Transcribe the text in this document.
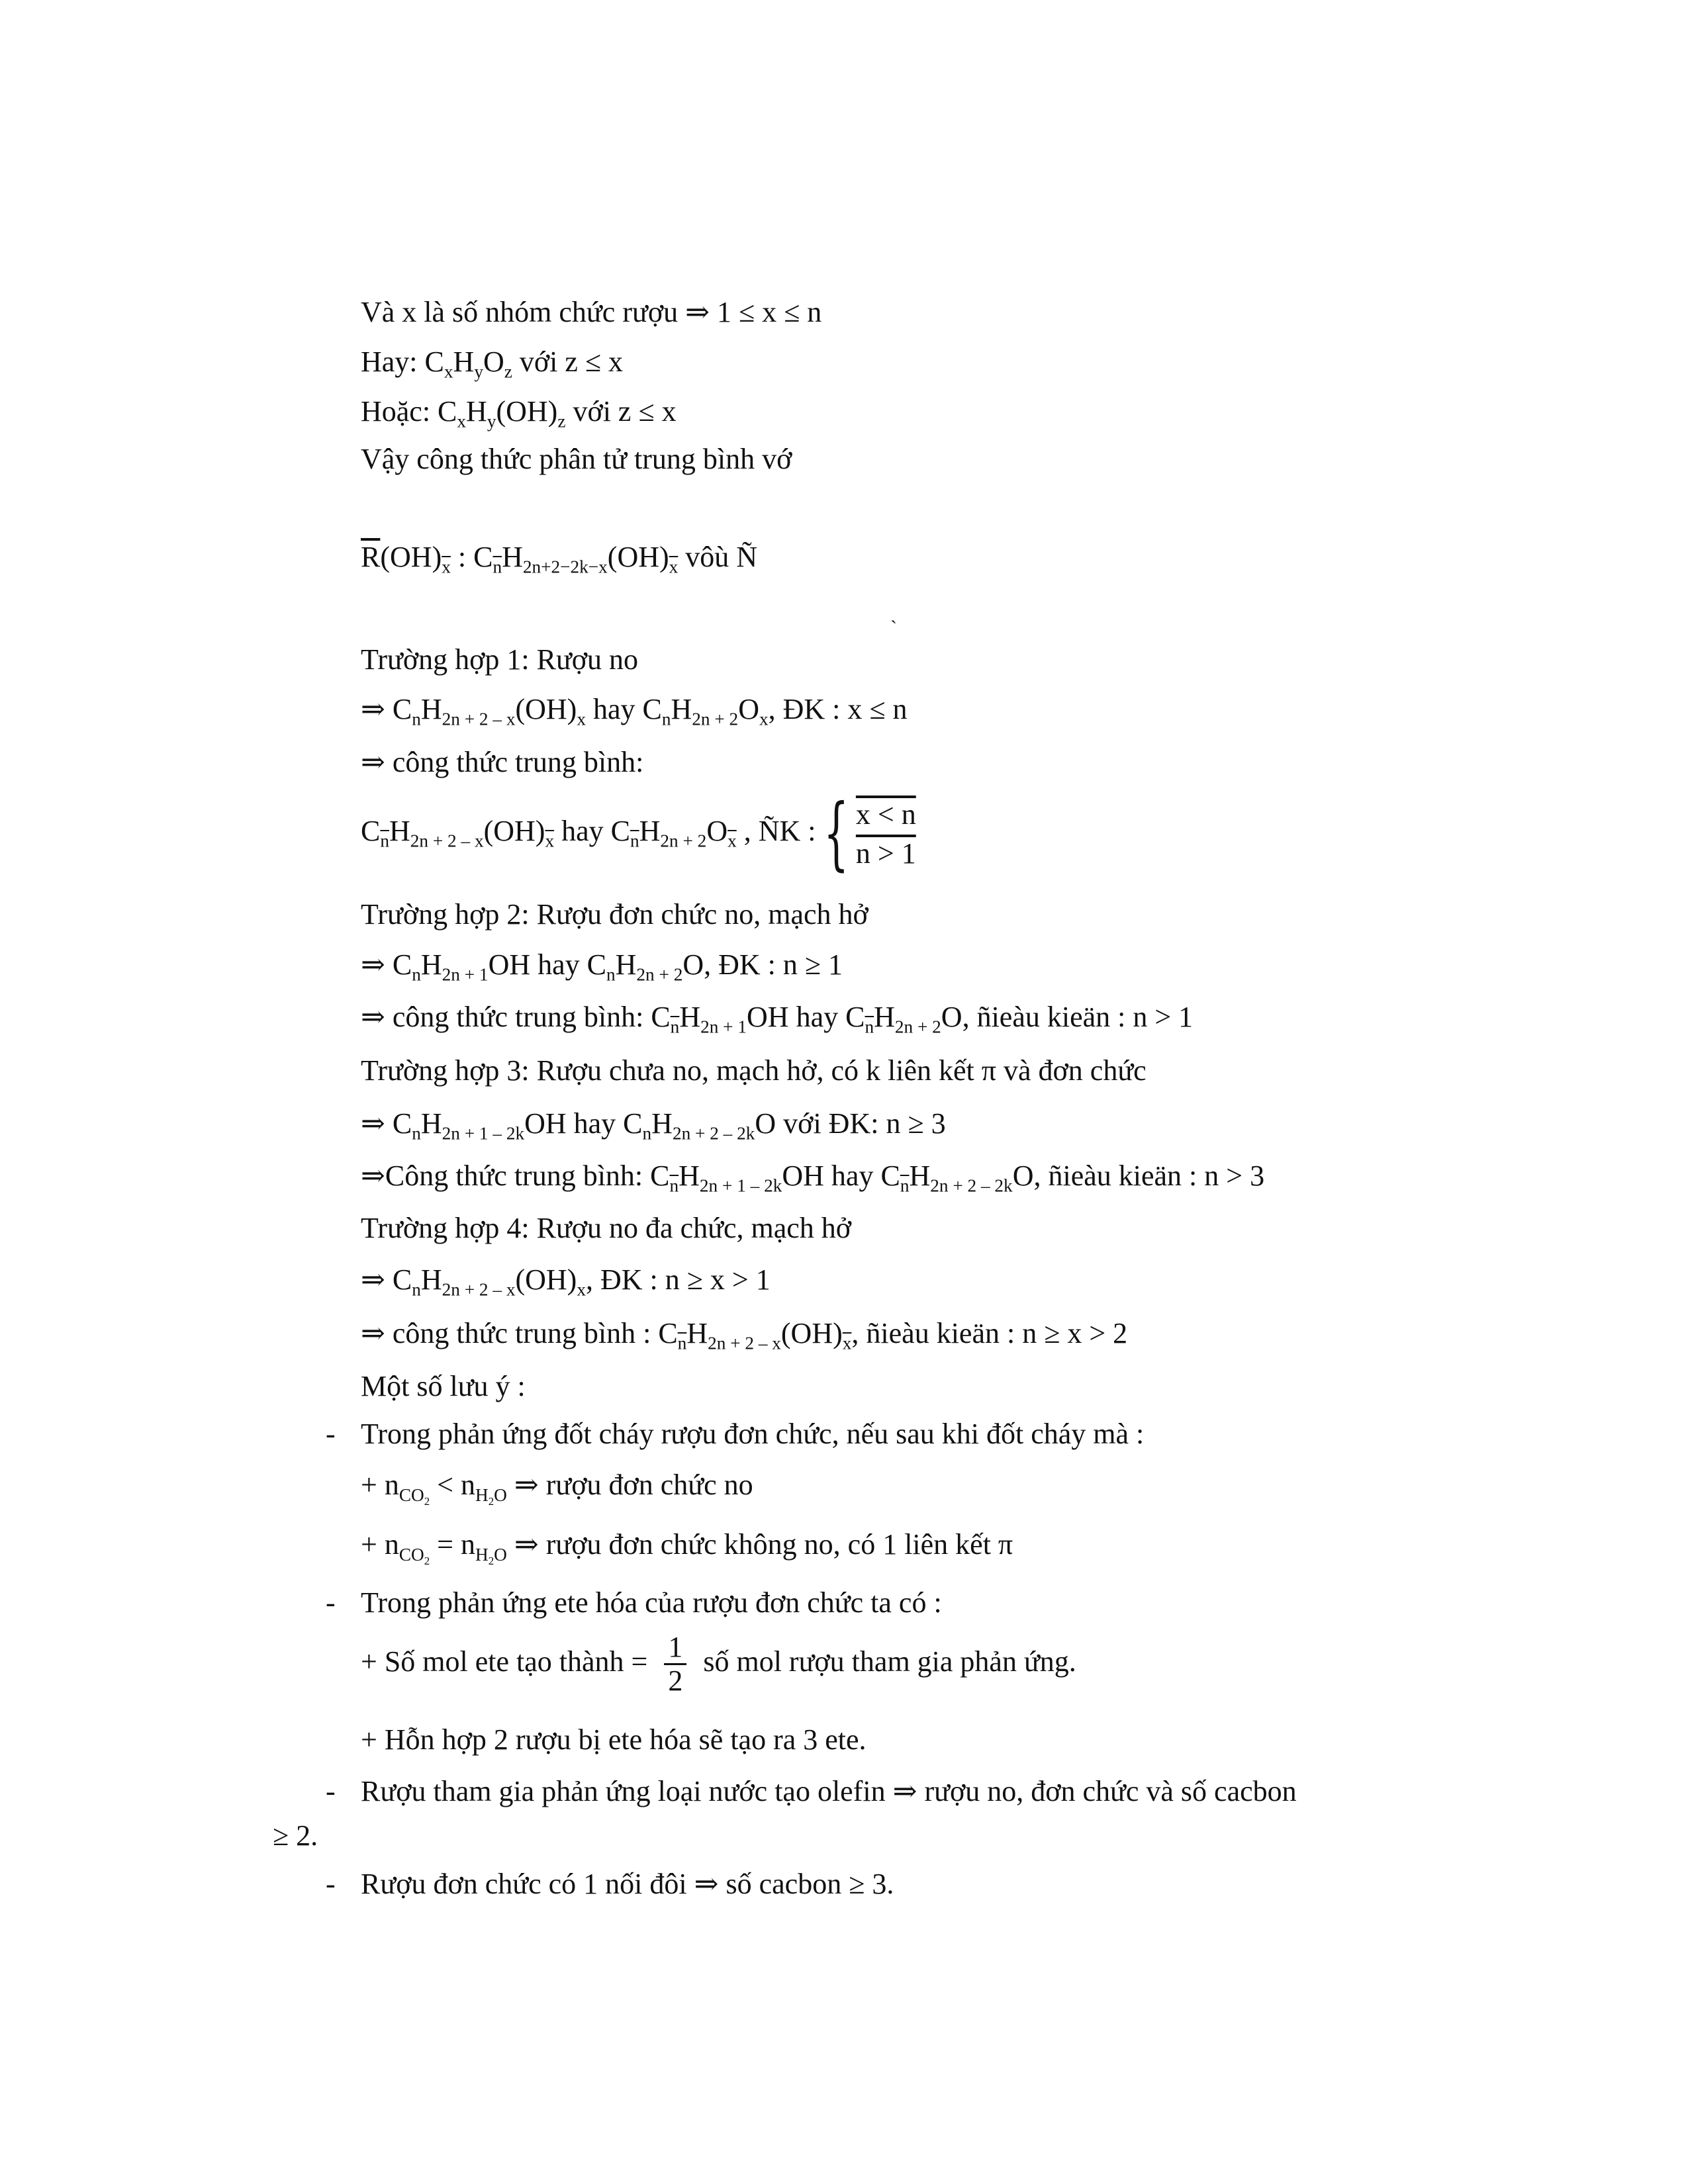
Và x là số nhóm chức rượu ⇒ 1 ≤ x ≤ n
Hay: $C_xH_yO_z$ với z ≤ x
Hoặc: $C_xH_y(OH)_z$ với z ≤ x
Vậy công thức phân tử trung bình vớ
$\overline{R}(OH)_{\overline{x}}$ : $C_{\overline{n}}H_{2n+2-2k-x}(OH)_{\overline{x}}$ vôù Ñ
`
Trường hợp 1: Rượu no
⇒ $C_nH_{2n + 2 - x}(OH)_x$ hay $C_nH_{2n + 2}O_x$, ĐK : x ≤ n
⇒ công thức trung bình:
$C_{\overline{n}}H_{2n + 2 - x}(OH)_{\overline{x}}$ hay $C_{\overline{n}}H_{2n + 2}O_{\overline{x}}$ , ÑK :{ $\frac{x < n}{n > 1}$
Trường hợp 2: Rượu đơn chức no, mạch hở
⇒ $C_nH_{2n + 1}OH$ hay $C_nH_{2n + 2}O$, ĐK : n ≥ 1
⇒ công thức trung bình: $C_{\overline{n}}H_{2n + 1}OH$ hay $C_{\overline{n}}H_{2n + 2}O$, ñieàu kieän : n > 1
Trường hợp 3: Rượu chưa no, mạch hở, có k liên kết π và đơn chức
⇒ $C_nH_{2n + 1 - 2k}OH$ hay $C_nH_{2n + 2 - 2k}O$ với ĐK: n ≥ 3
⇒Công thức trung bình: $C_{\overline{n}}H_{2n + 1 - 2k}OH$ hay $C_{\overline{n}}H_{2n + 2 - 2k}O$, ñieàu kieän : n > 3
Trường hợp 4: Rượu no đa chức, mạch hở
⇒ $C_nH_{2n + 2 - x}(OH)_x$, ĐK : n ≥ x > 1
⇒ công thức trung bình : $C_{\overline{n}}H_{2n + 2 - x}(OH)_{\overline{x}}$, ñieàu kieän : n ≥ x > 2
Một số lưu ý :
- Trong phản ứng đốt cháy rượu đơn chức, nếu sau khi đốt cháy mà :
+ $n_{CO_2} < n_{H_2O}$ ⇒ rượu đơn chức no
+ $n_{CO_2} = n_{H_2O}$ ⇒ rượu đơn chức không no, có 1 liên kết π
- Trong phản ứng ete hóa của rượu đơn chức ta có :
+ Số mol ete tạo thành = $\frac{1}{2}$ số mol rượu tham gia phản ứng.
+ Hỗn hợp 2 rượu bị ete hóa sẽ tạo ra 3 ete.
- Rượu tham gia phản ứng loại nước tạo olefin ⇒ rượu no, đơn chức và số cacbon
≥ 2.
- Rượu đơn chức có 1 nối đôi ⇒ số cacbon ≥ 3.
